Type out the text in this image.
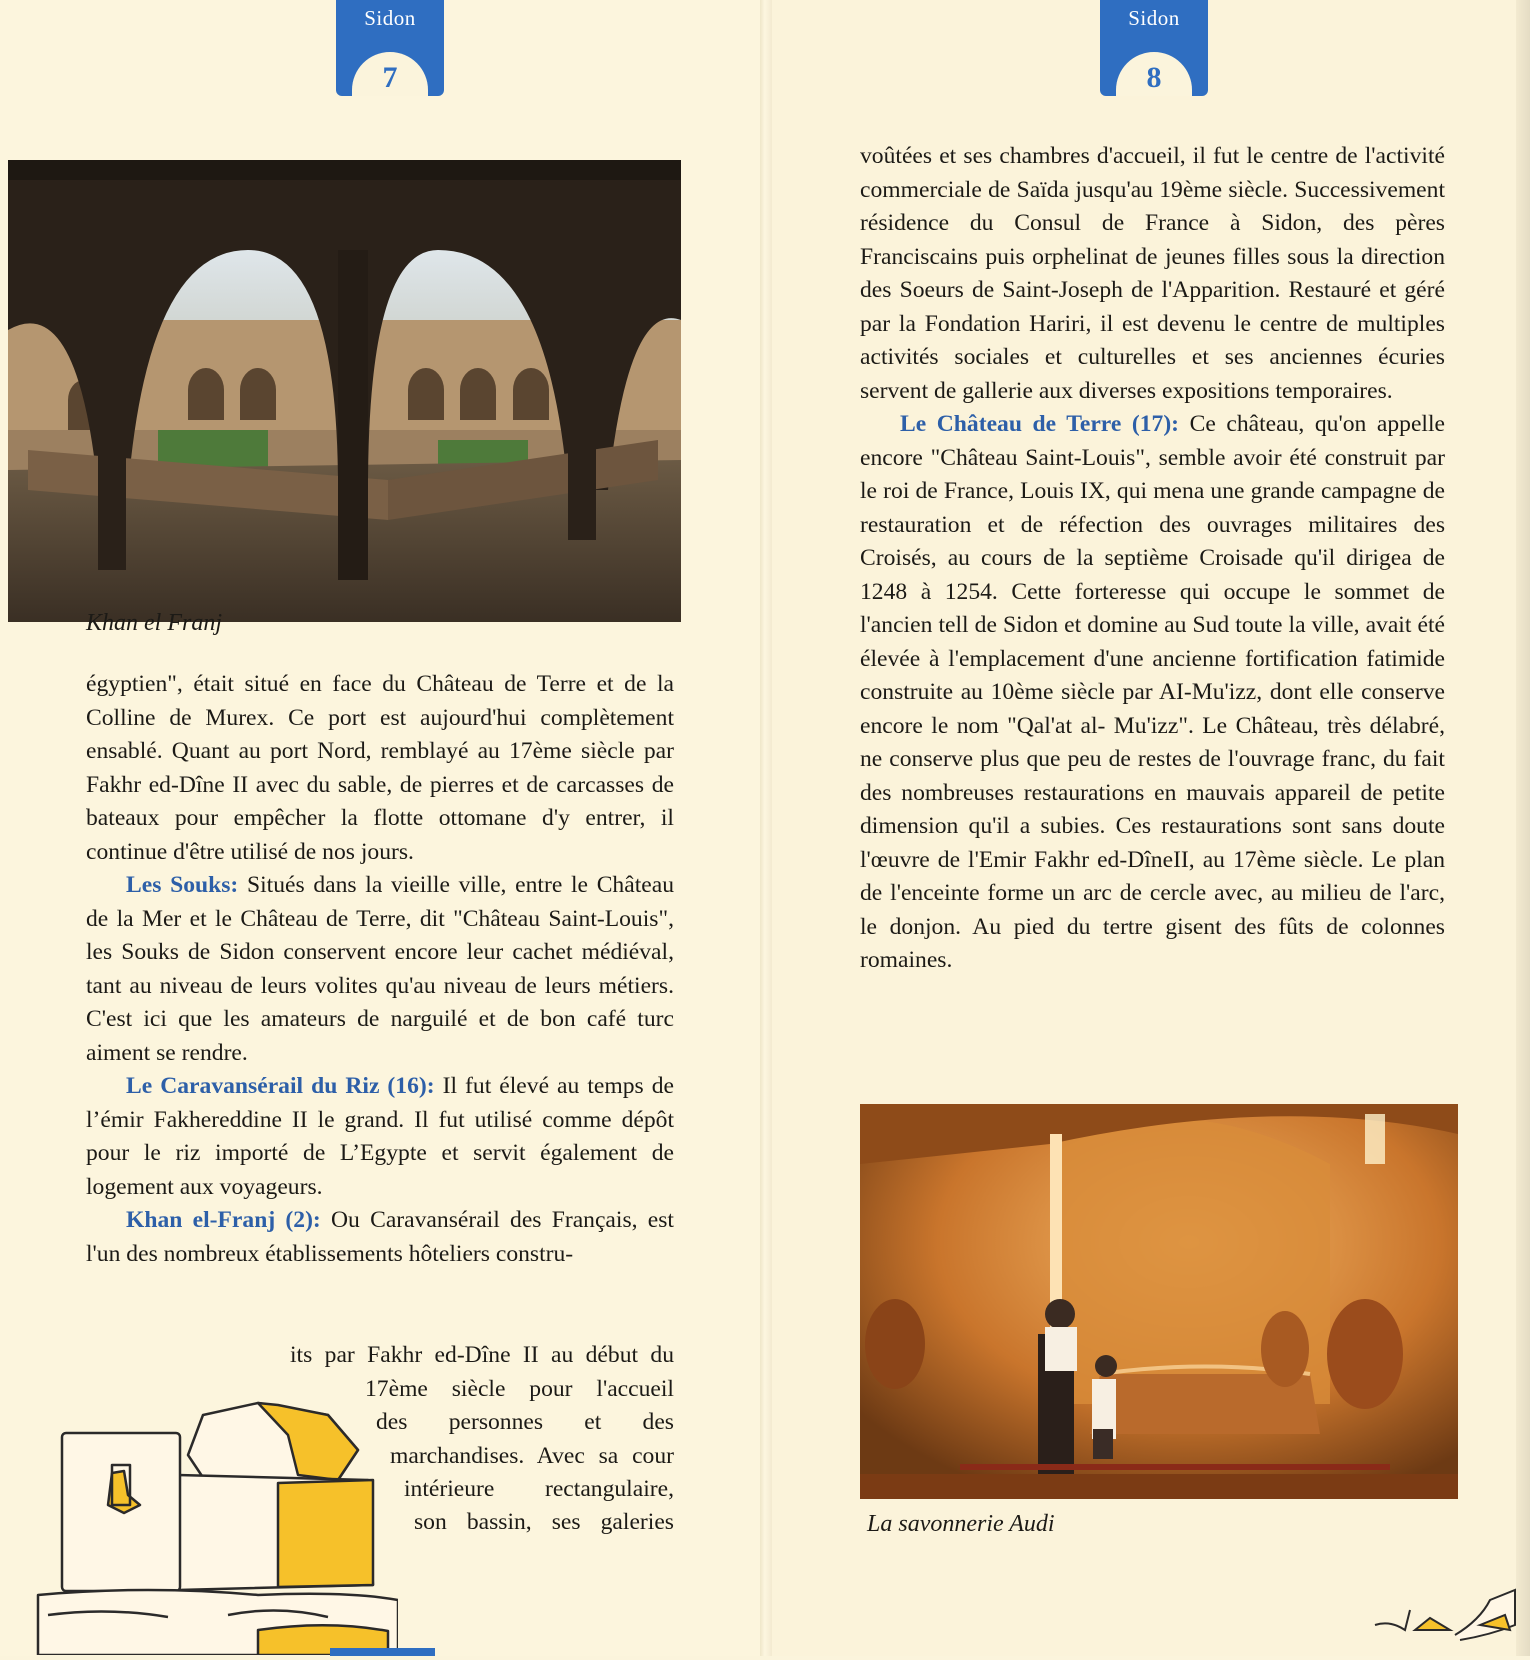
Sidon
7
Sidon
8
Khan el Franj

égyptien", était situé en face du Château de Terre et de la Colline de Murex. Ce port est aujourd'hui complètement ensablé. Quant au port Nord, remblayé au 17ème siècle par Fakhr ed-Dîne II avec du sable, de pierres et de carcasses de bateaux pour empêcher la flotte ottomane d'y entrer, il continue d'être utilisé de nos jours.

Les Souks: Situés dans la vieille ville, entre le Château de la Mer et le Château de Terre, dit "Château Saint-Louis", les Souks de Sidon conservent encore leur cachet médiéval, tant au niveau de leurs volites qu'au niveau de leurs métiers. C'est ici que les amateurs de narguilé et de bon café turc aiment se rendre.

Le Caravansérail du Riz (16): Il fut élevé au temps de l’émir Fakhereddine II le grand. Il fut utilisé comme dépôt pour le riz importé de L’Egypte et servit également de logement aux voyageurs.

Khan el-Franj (2): Ou Caravansérail des Français, est l'un des nombreux établissements hôteliers constru-

its par Fakhr ed-Dîne II au début du
17ème siècle pour l'accueil
des personnes et des
marchandises. Avec sa cour
intérieure rectangulaire,
son bassin, ses galeries

voûtées et ses chambres d'accueil, il fut le centre de l'activité commerciale de Saïda jusqu'au 19ème siècle. Successivement résidence du Consul de France à Sidon, des pères Franciscains puis orphelinat de jeunes filles sous la direction des Soeurs de Saint-Joseph de l'Apparition. Restauré et géré par la Fondation Hariri, il est devenu le centre de multiples activités sociales et culturelles et ses anciennes écuries servent de gallerie aux diverses expositions temporaires.

Le Château de Terre (17): Ce château, qu'on appelle encore "Château Saint-Louis", semble avoir été construit par le roi de France, Louis IX, qui mena une grande campagne de restauration et de réfection des ouvrages militaires des Croisés, au cours de la septième Croisade qu'il dirigea de 1248 à 1254. Cette forteresse qui occupe le sommet de l'ancien tell de Sidon et domine au Sud toute la ville, avait été élevée à l'emplacement d'une ancienne fortification fatimide construite au 10ème siècle par AI-Mu'izz, dont elle conserve encore le nom "Qal'at al- Mu'izz". Le Château, très délabré, ne conserve plus que peu de restes de l'ouvrage franc, du fait des nombreuses restaurations en mauvais appareil de petite dimension qu'il a subies. Ces restaurations sont sans doute l'œuvre de l'Emir Fakhr ed-DîneII, au 17ème siècle. Le plan de l'enceinte forme un arc de cercle avec, au milieu de l'arc, le donjon. Au pied du tertre gisent des fûts de colonnes romaines.

La savonnerie Audi
